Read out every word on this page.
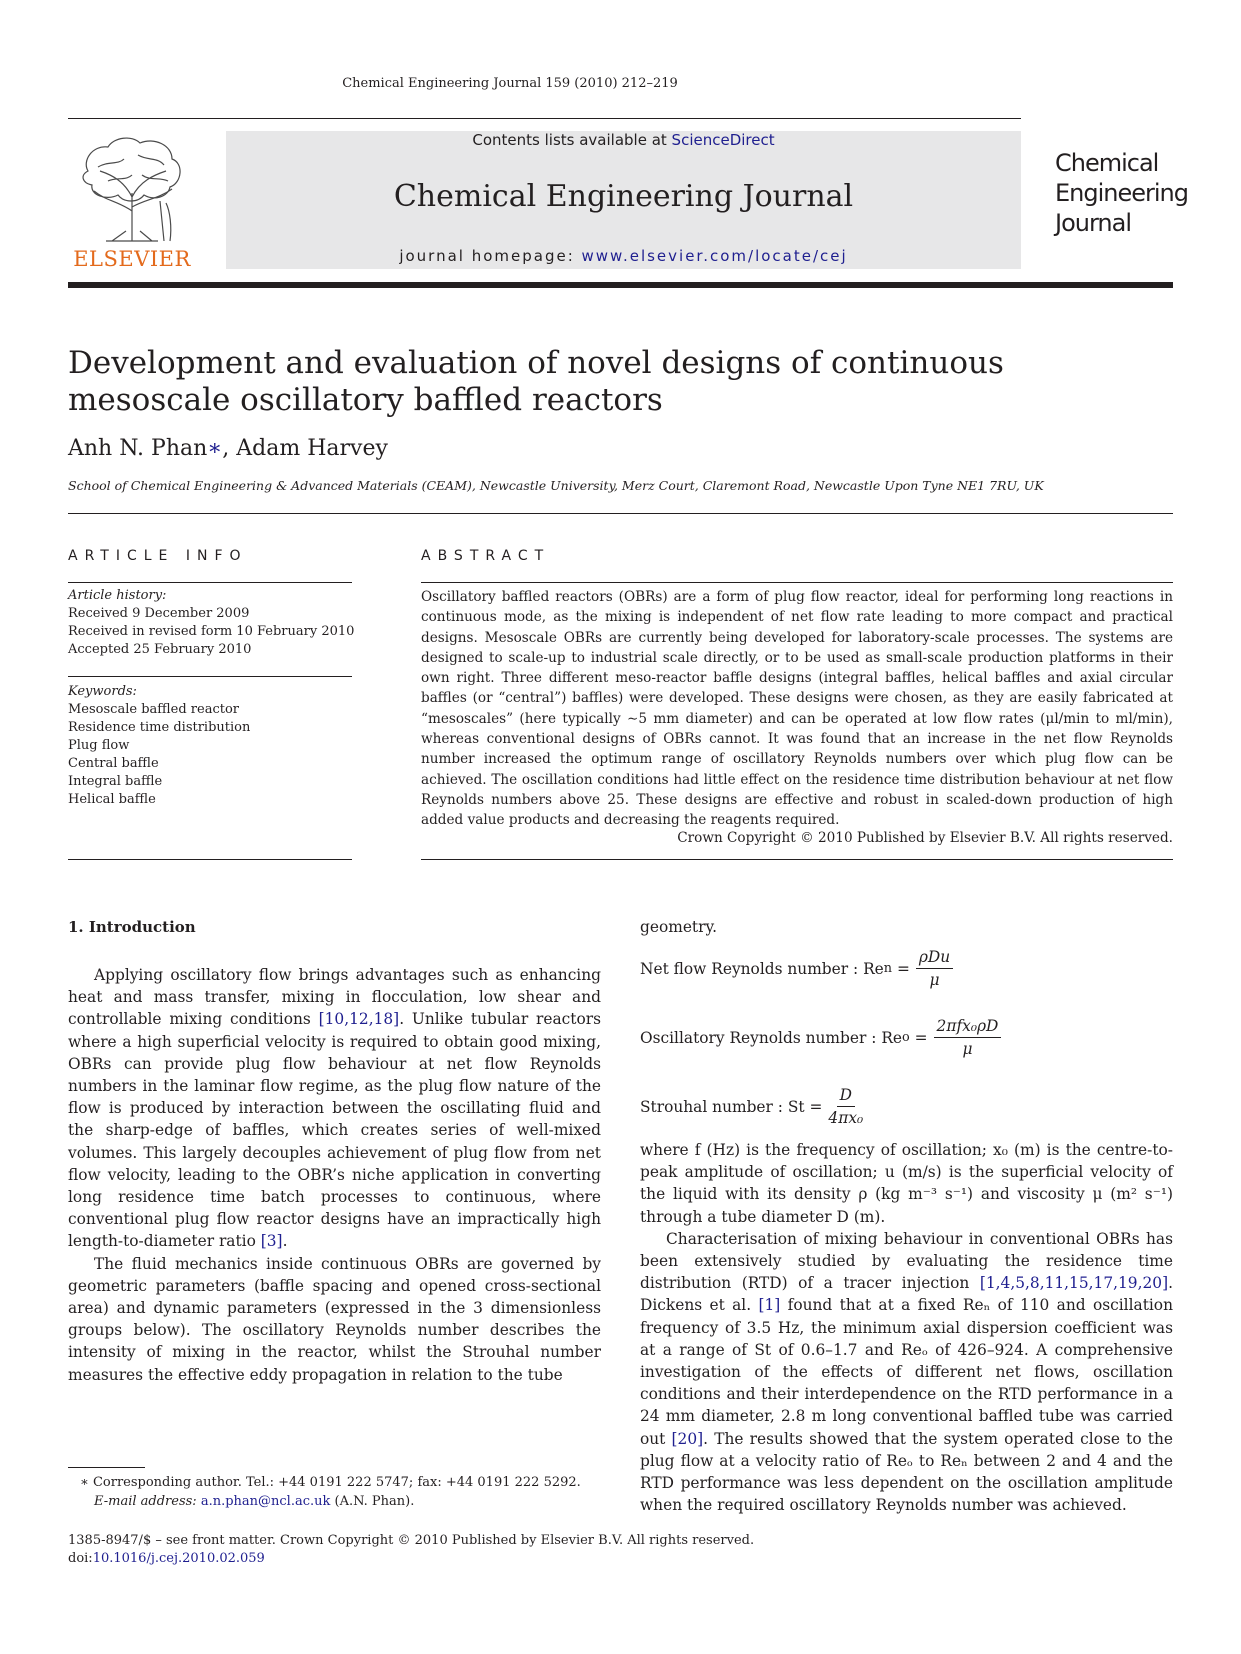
Chemical Engineering Journal 159 (2010) 212–219
ELSEVIER
Contents lists available at ScienceDirect
Chemical Engineering Journal
journal homepage: www.elsevier.com/locate/cej
Chemical
Engineering
Journal
Development and evaluation of novel designs of continuous mesoscale oscillatory baffled reactors
Anh N. Phan∗, Adam Harvey
School of Chemical Engineering & Advanced Materials (CEAM), Newcastle University, Merz Court, Claremont Road, Newcastle Upon Tyne NE1 7RU, UK
ARTICLE INFO
Article history:
Received 9 December 2009
Received in revised form 10 February 2010
Accepted 25 February 2010
Keywords:
Mesoscale baffled reactor
Residence time distribution
Plug flow
Central baffle
Integral baffle
Helical baffle
ABSTRACT
Oscillatory baffled reactors (OBRs) are a form of plug flow reactor, ideal for performing long reactions in continuous mode, as the mixing is independent of net flow rate leading to more compact and practical designs. Mesoscale OBRs are currently being developed for laboratory-scale processes. The systems are designed to scale-up to industrial scale directly, or to be used as small-scale production platforms in their own right. Three different meso-reactor baffle designs (integral baffles, helical baffles and axial circular baffles (or “central”) baffles) were developed. These designs were chosen, as they are easily fabricated at “mesoscales” (here typically ∼5 mm diameter) and can be operated at low flow rates (μl/min to ml/min), whereas conventional designs of OBRs cannot. It was found that an increase in the net flow Reynolds number increased the optimum range of oscillatory Reynolds numbers over which plug flow can be achieved. The oscillation conditions had little effect on the residence time distribution behaviour at net flow Reynolds numbers above 25. These designs are effective and robust in scaled-down production of high added value products and decreasing the reagents required.
Crown Copyright © 2010 Published by Elsevier B.V. All rights reserved.
1. Introduction

Applying oscillatory flow brings advantages such as enhancing heat and mass transfer, mixing in flocculation, low shear and controllable mixing conditions [10,12,18]. Unlike tubular reactors where a high superficial velocity is required to obtain good mixing, OBRs can provide plug flow behaviour at net flow Reynolds numbers in the laminar flow regime, as the plug flow nature of the flow is produced by interaction between the oscillating fluid and the sharp-edge of baffles, which creates series of well-mixed volumes. This largely decouples achievement of plug flow from net flow velocity, leading to the OBR’s niche application in converting long residence time batch processes to continuous, where conventional plug flow reactor designs have an impractically high length-to-diameter ratio [3].

The fluid mechanics inside continuous OBRs are governed by geometric parameters (baffle spacing and opened cross-sectional area) and dynamic parameters (expressed in the 3 dimensionless groups below). The oscillatory Reynolds number describes the intensity of mixing in the reactor, whilst the Strouhal number measures the effective eddy propagation in relation to the tube

geometry.
Net flow Reynolds number : Re $n = \frac{\text{ρDu}}{\mu}$
Oscillatory Reynolds number : Re $o = \frac{\text{2πfx₀ρD}}{\mu}$
Strouhal number : $St = \frac{D}{\text{4πx₀}}$

where f (Hz) is the frequency of oscillation; x₀ (m) is the centre-to-peak amplitude of oscillation; u (m/s) is the superficial velocity of the liquid with its density ρ (kg m⁻³ s⁻¹) and viscosity μ (m² s⁻¹) through a tube diameter D (m).

Characterisation of mixing behaviour in conventional OBRs has been extensively studied by evaluating the residence time distribution (RTD) of a tracer injection [1,4,5,8,11,15,17,19,20]. Dickens et al. [1] found that at a fixed Reₙ of 110 and oscillation frequency of 3.5 Hz, the minimum axial dispersion coefficient was at a range of St of 0.6–1.7 and Reₒ of 426–924. A comprehensive investigation of the effects of different net flows, oscillation conditions and their interdependence on the RTD performance in a 24 mm diameter, 2.8 m long conventional baffled tube was carried out [20]. The results showed that the system operated close to the plug flow at a velocity ratio of Reₒ to Reₙ between 2 and 4 and the RTD performance was less dependent on the oscillation amplitude when the required oscillatory Reynolds number was achieved.

∗ Corresponding author. Tel.: +44 0191 222 5747; fax: +44 0191 222 5292.
E-mail address: a.n.phan@ncl.ac.uk (A.N. Phan).
1385-8947/$ – see front matter. Crown Copyright © 2010 Published by Elsevier B.V. All rights reserved.
doi:10.1016/j.cej.2010.02.059
